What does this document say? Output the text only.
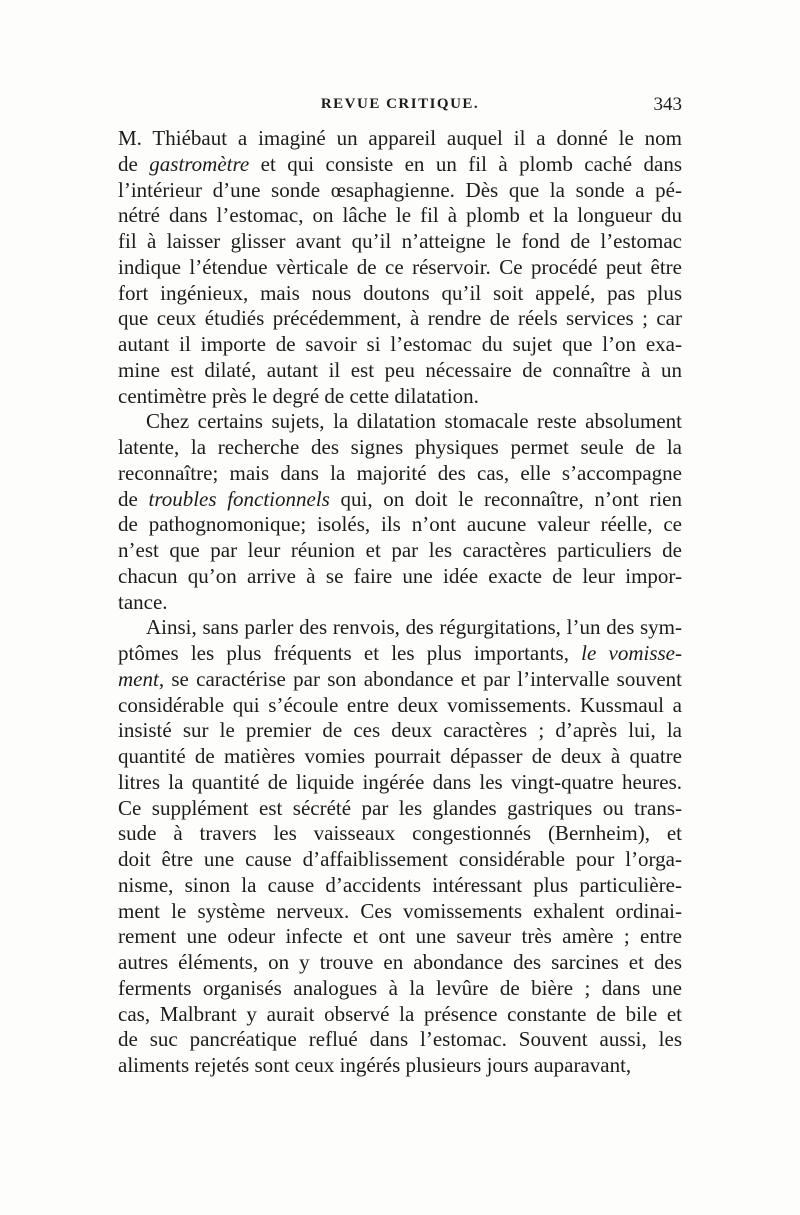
REVUE CRITIQUE.	343
M. Thiébaut a imaginé un appareil auquel il a donné le nom
de gastromètre et qui consiste en un fil à plomb caché dans
l’intérieur d’une sonde œsaphagienne. Dès que la sonde a pé-
nétré dans l’estomac, on lâche le fil à plomb et la longueur du
fil à laisser glisser avant qu’il n’atteigne le fond de l’estomac
indique l’étendue vèrticale de ce réservoir. Ce procédé peut être
fort ingénieux, mais nous doutons qu’il soit appelé, pas plus
que ceux étudiés précédemment, à rendre de réels services ; car
autant il importe de savoir si l’estomac du sujet que l’on exa-
mine est dilaté, autant il est peu nécessaire de connaître à un
centimètre près le degré de cette dilatation.
Chez certains sujets, la dilatation stomacale reste absolument
latente, la recherche des signes physiques permet seule de la
reconnaître; mais dans la majorité des cas, elle s’accompagne
de troubles fonctionnels qui, on doit le reconnaître, n’ont rien
de pathognomonique; isolés, ils n’ont aucune valeur réelle, ce
n’est que par leur réunion et par les caractères particuliers de
chacun qu’on arrive à se faire une idée exacte de leur impor-
tance.
Ainsi, sans parler des renvois, des régurgitations, l’un des sym-
ptômes les plus fréquents et les plus importants, le vomisse-
ment, se caractérise par son abondance et par l’intervalle souvent
considérable qui s’écoule entre deux vomissements. Kussmaul a
insisté sur le premier de ces deux caractères ; d’après lui, la
quantité de matières vomies pourrait dépasser de deux à quatre
litres la quantité de liquide ingérée dans les vingt-quatre heures.
Ce supplément est sécrété par les glandes gastriques ou trans-
sude à travers les vaisseaux congestionnés (Bernheim), et
doit être une cause d’affaiblissement considérable pour l’orga-
nisme, sinon la cause d’accidents intéressant plus particulière-
ment le système nerveux. Ces vomissements exhalent ordinai-
rement une odeur infecte et ont une saveur très amère ; entre
autres éléments, on y trouve en abondance des sarcines et des
ferments organisés analogues à la levûre de bière ; dans une
cas, Malbrant y aurait observé la présence constante de bile et
de suc pancréatique reflué dans l’estomac. Souvent aussi, les
aliments rejetés sont ceux ingérés plusieurs jours auparavant,
